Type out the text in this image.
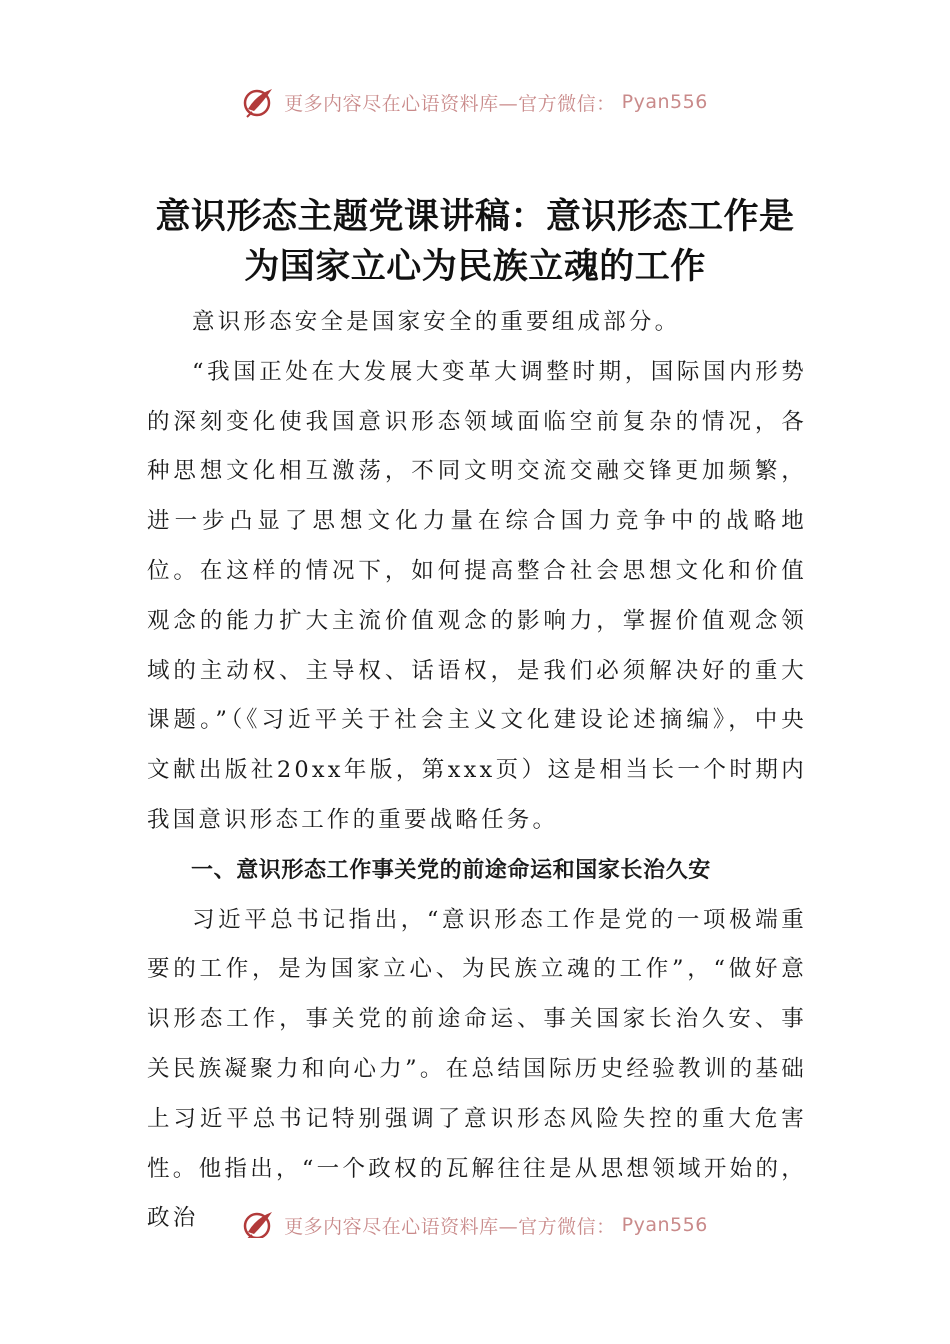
更多内容尽在心语资料库—官方微信： Pyan556
意识形态主题党课讲稿：意识形态工作是
为国家立心为民族立魂的工作

意识形态安全是国家安全的重要组成部分。

“我国正处在大发展大变革大调整时期，国际国内形势的深刻变化使我国意识形态领域面临空前复杂的情况，各种思想文化相互激荡，不同文明交流交融交锋更加频繁，进一步凸显了思想文化力量在综合国力竞争中的战略地位。在这样的情况下，如何提高整合社会思想文化和价值观念的能力扩大主流价值观念的影响力，掌握价值观念领域的主动权、主导权、话语权，是我们必须解决好的重大课题。”（《习近平关于社会主义文化建设论述摘编》，中央文献出版社20xx年版，第xxx页）这是相当长一个时期内我国意识形态工作的重要战略任务。

一、意识形态工作事关党的前途命运和国家长治久安

习近平总书记指出，“意识形态工作是党的一项极端重要的工作，是为国家立心、为民族立魂的工作”，“做好意识形态工作，事关党的前途命运、事关国家长治久安、事关民族凝聚力和向心力”。在总结国际历史经验教训的基础上习近平总书记特别强调了意识形态风险失控的重大危害性。他指出，“一个政权的瓦解往往是从思想领域开始的，政治	更多内容尽在心语资料库—官方微信： Pyan556
